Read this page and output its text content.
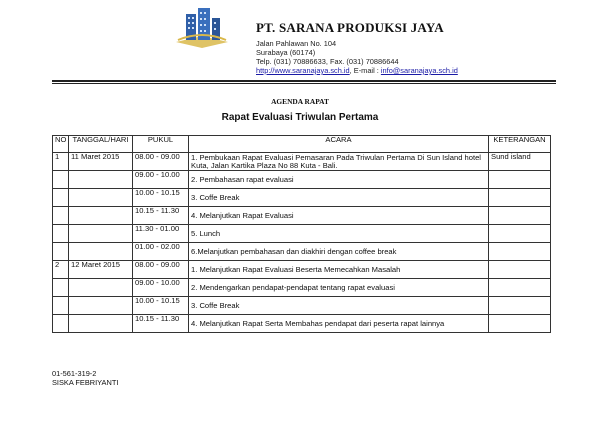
PT. SARANA PRODUKSI JAYA
Jalan Pahlawan No. 104
Surabaya (60174)
Telp. (031) 70886633, Fax. (031) 70886644
http://www.saranajaya.sch.id, E-mail : info@saranajaya.sch.id
AGENDA RAPAT
Rapat Evaluasi Triwulan Pertama
NO	TANGGAL/HARI	PUKUL	ACARA	KETERANGAN
1	11 Maret 2015	08.00 - 09.00	1. Pembukaan Rapat Evaluasi Pemasaran Pada Triwulan Pertama Di Sun Island hotel Kuta, Jalan Kartika Plaza No 88 Kuta - Bali.	Sund island
		09.00 - 10.00	2. Pembahasan rapat evaluasi	
		10.00 - 10.15	3. Coffe Break	
		10.15 - 11.30	4. Melanjutkan Rapat Evaluasi	
		11.30 - 01.00	5. Lunch	
		01.00 - 02.00	6.Melanjutkan pembahasan dan diakhiri dengan coffee break	
2	12 Maret 2015	08.00 - 09.00	1. Melanjutkan Rapat Evaluasi Beserta Memecahkan Masalah	
		09.00 - 10.00	2. Mendengarkan pendapat-pendapat tentang rapat evaluasi	
		10.00 - 10.15	3. Coffe Break	
		10.15 - 11.30	4. Melanjutkan Rapat Serta Membahas pendapat dari peserta rapat lainnya	
01-561-319-2
SISKA FEBRIYANTI
